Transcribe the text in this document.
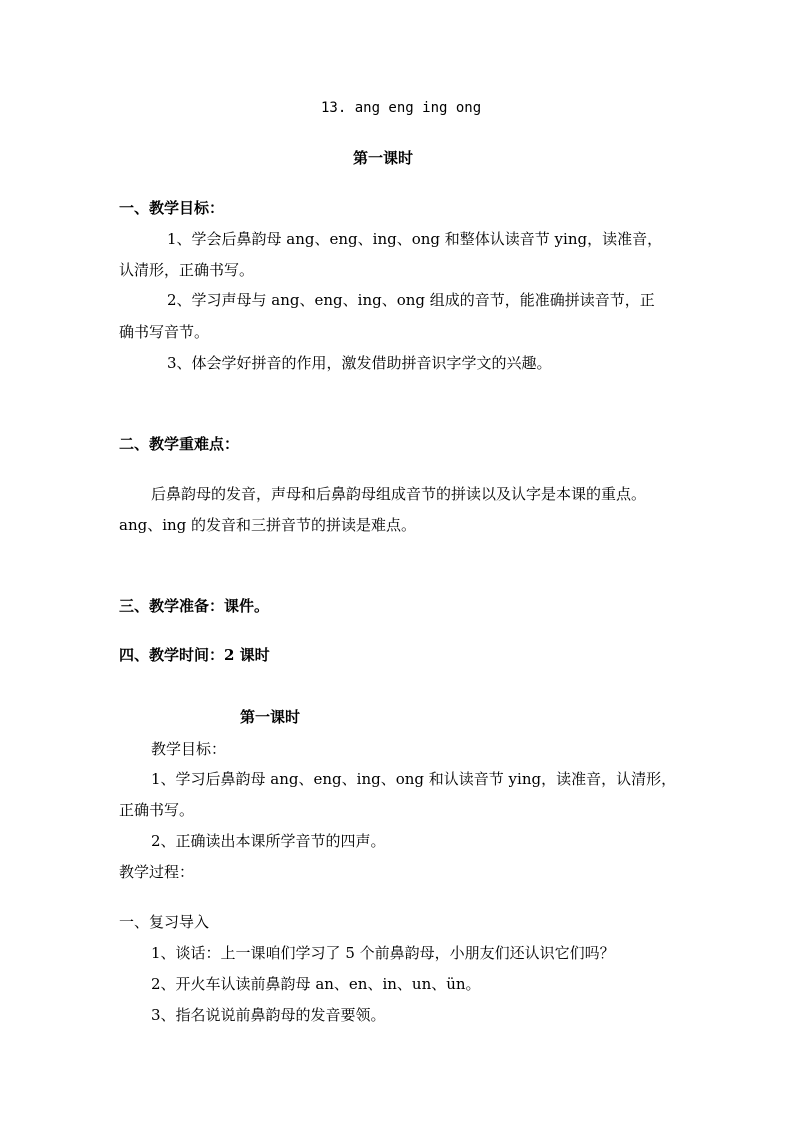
13. ang eng ing ong
第一课时
一、教学目标：
1、学会后鼻韵母 ang、eng、ing、ong 和整体认读音节 ying，读准音，
认清形，正确书写。
2、学习声母与 ang、eng、ing、ong 组成的音节，能准确拼读音节，正
确书写音节。
3、体会学好拼音的作用，激发借助拼音识字学文的兴趣。
二、教学重难点：
后鼻韵母的发音，声母和后鼻韵母组成音节的拼读以及认字是本课的重点。
ang、ing 的发音和三拼音节的拼读是难点。
三、教学准备：课件。
四、教学时间：2 课时
第一课时
教学目标：
1、学习后鼻韵母 ang、eng、ing、ong 和认读音节 ying，读准音，认清形，
正确书写。
2、正确读出本课所学音节的四声。
教学过程：
一、复习导入
1、谈话：上一课咱们学习了 5 个前鼻韵母，小朋友们还认识它们吗？
2、开火车认读前鼻韵母 an、en、in、un、ün。
3、指名说说前鼻韵母的发音要领。
